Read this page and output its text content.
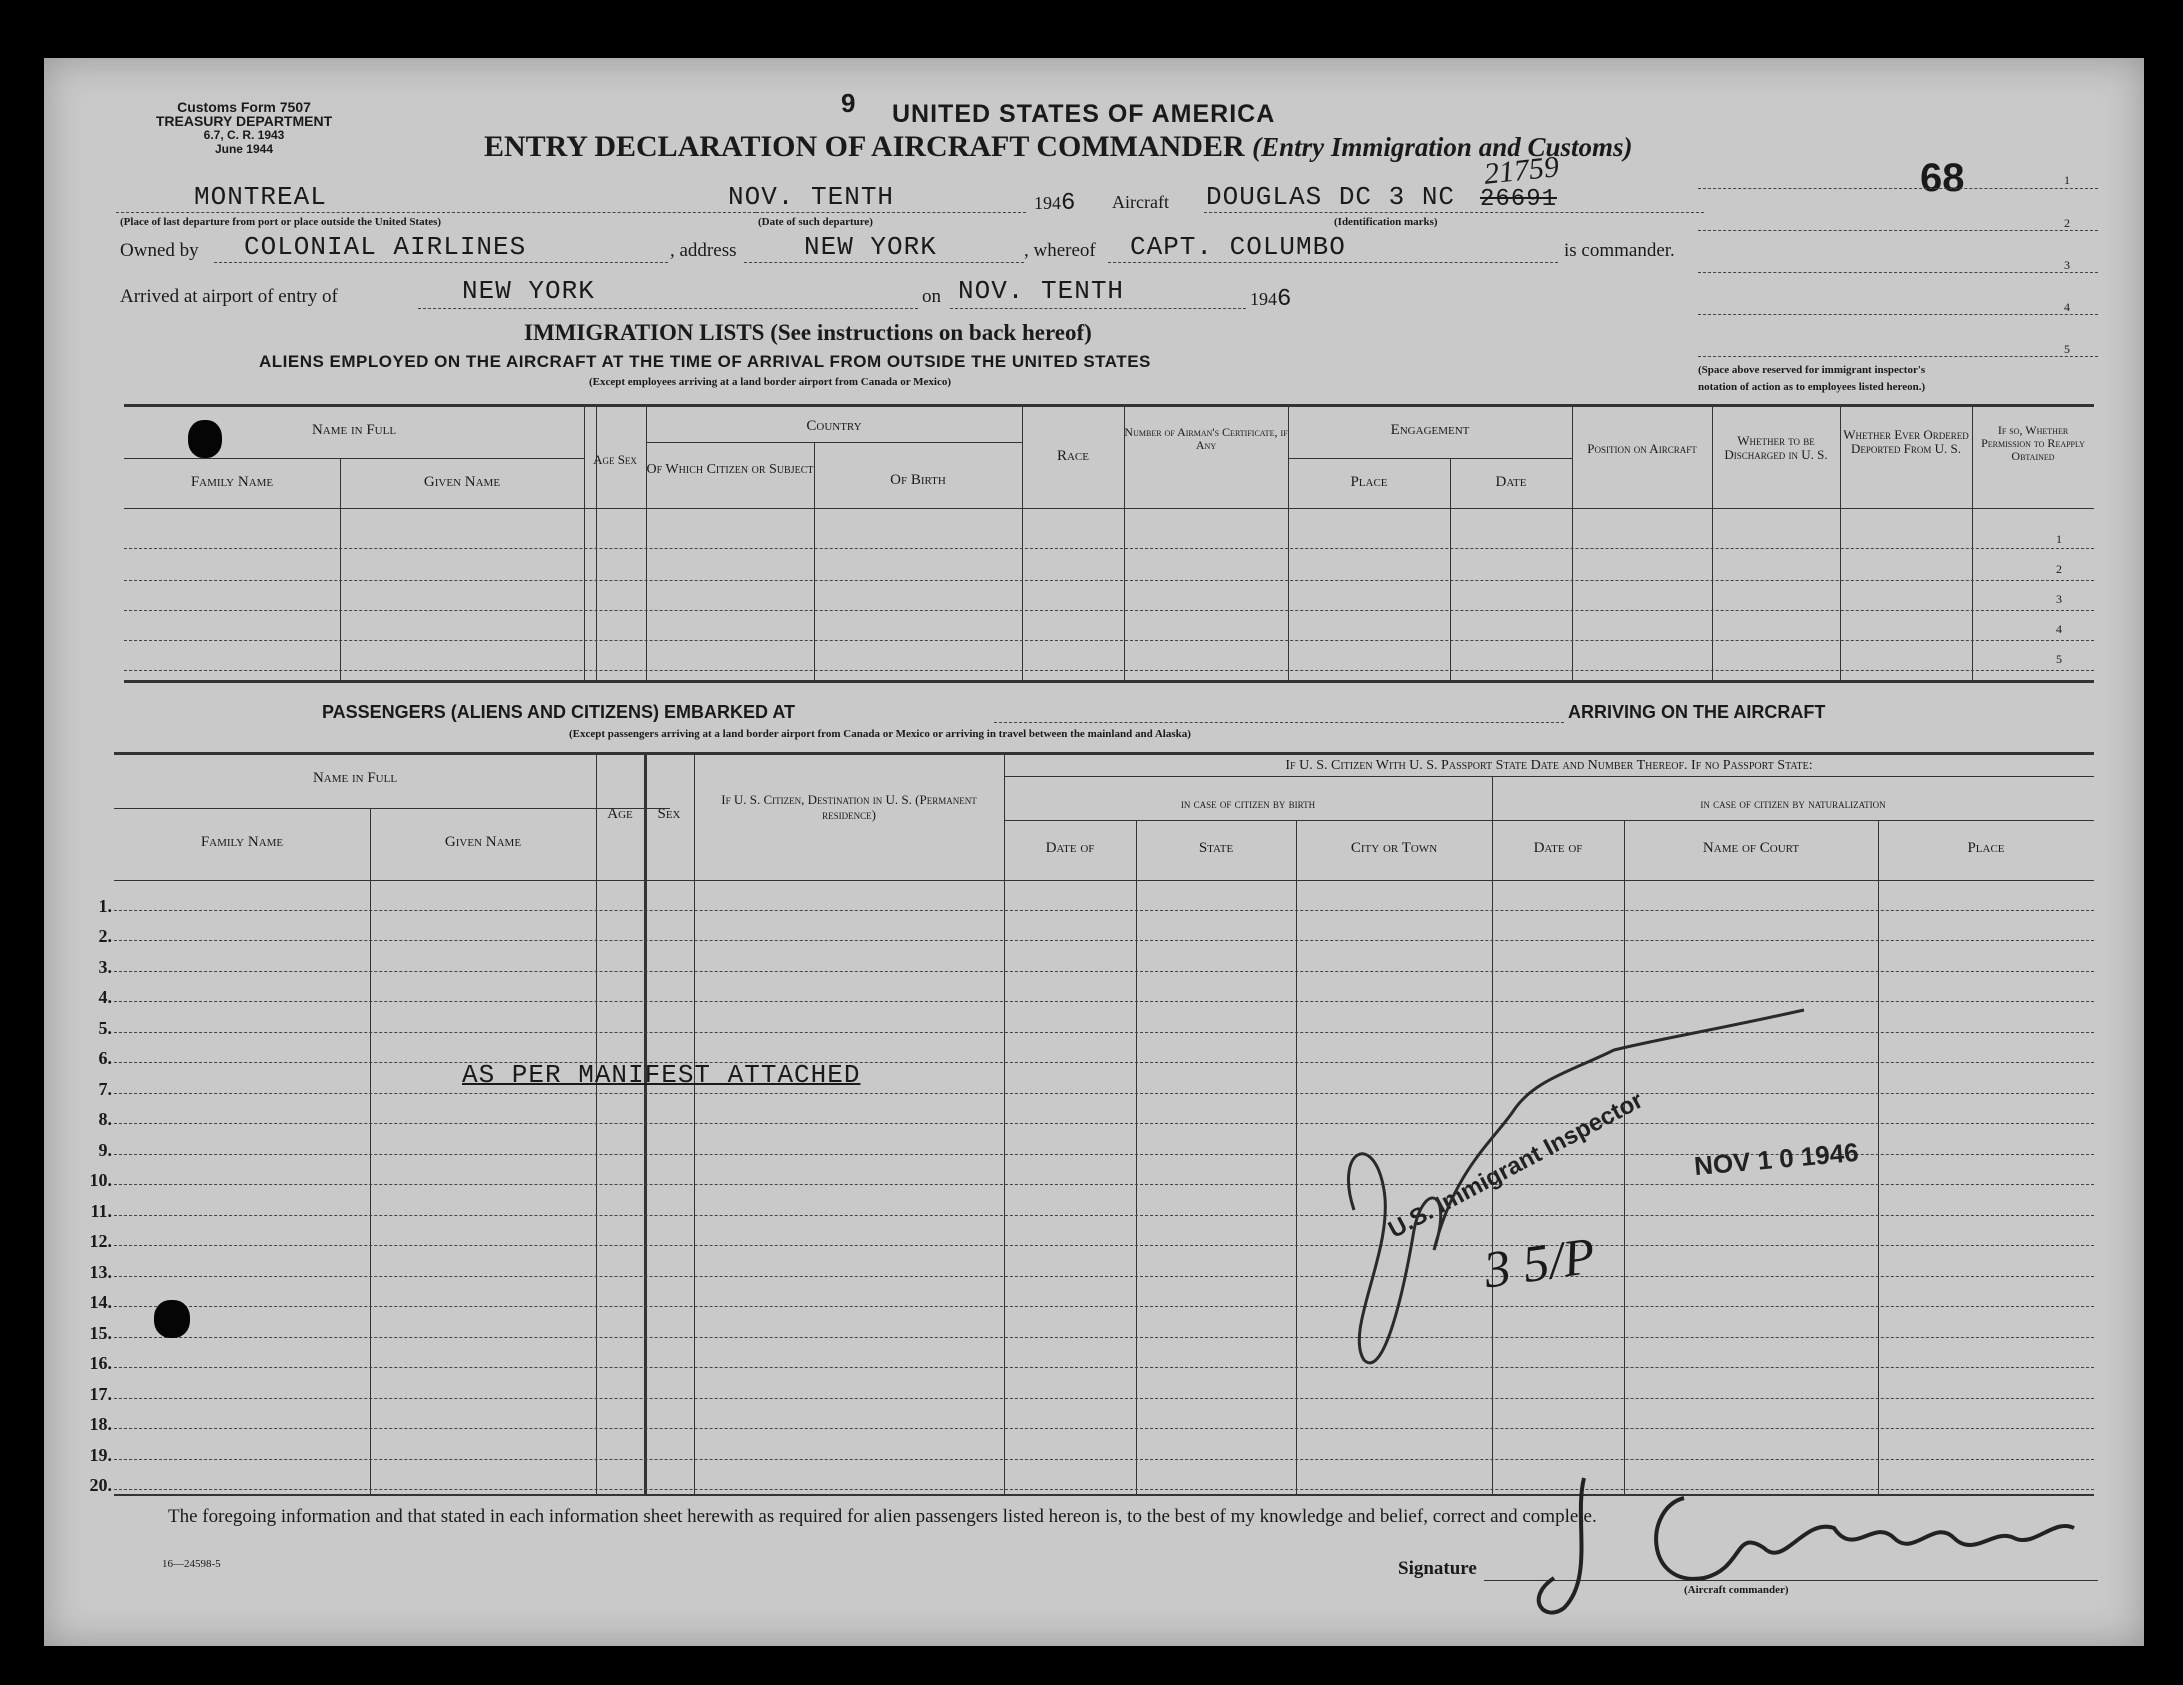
Customs Form 7507
TREASURY DEPARTMENT
6.7, C. R. 1943
June 1944
9 UNITED STATES OF AMERICA
ENTRY DECLARATION OF AIRCRAFT COMMANDER (Entry Immigration and Customs)
68	1
2
3
4
5
(Space above reserved for immigrant inspector's
notation of action as to employees listed hereon.)
MONTREAL
(Place of last departure from port or place outside the United States)
NOV. TENTH
(Date of such departure)
1946 Aircraft DOUGLAS DC 3 NC 26691
21759
(Identification marks)
Owned by COLONIAL AIRLINES	, address	NEW YORK	, whereof CAPT. COLUMBO	is commander.
Arrived at airport of entry of	NEW YORK	on NOV. TENTH	1946
IMMIGRATION LISTS (See instructions on back hereof)
ALIENS EMPLOYED ON THE AIRCRAFT AT THE TIME OF ARRIVAL FROM OUTSIDE THE UNITED STATES
(Except employees arriving at a land border airport from Canada or Mexico)
Name in Full
Family Name	Given Name
Age Sex
Country
Of Which Citizen or Subject
Of Birth
Race
Number of Airman's Certificate, if Any
Engagement
Place	Date
Position on Aircraft
Whether to be Discharged in U. S.
Whether Ever Ordered Deported From U. S.
If so, Whether Permission to Reapply Obtained
1
2
3
4
5
PASSENGERS (ALIENS AND CITIZENS) EMBARKED AT	ARRIVING ON THE AIRCRAFT
(Except passengers arriving at a land border airport from Canada or Mexico or arriving in travel between the mainland and Alaska)
Name in Full
Family Name	Given Name
Age	Sex
If U. S. Citizen, Destination in U. S. (Permanent residence)
If U. S. Citizen With U. S. Passport State Date and Number Thereof. If no Passport State:
in case of citizen by birth	in case of citizen by naturalization
Date of	State	City or Town	Date of	Name of Court	Place
1.
2.
3.
4.
5.
6.
7.
8.
9.
10.
11.
12.
13.
14.
15.
16.
17.
18.
19.
20.
AS PER MANIFEST ATTACHED
U.S. Immigrant Inspector NOV 1 0 1946
3 5/P
The foregoing information and that stated in each information sheet herewith as required for alien passengers listed hereon is, to the best of my knowledge and belief, correct and complete.
16—24598-5	Signature
(Aircraft commander)
